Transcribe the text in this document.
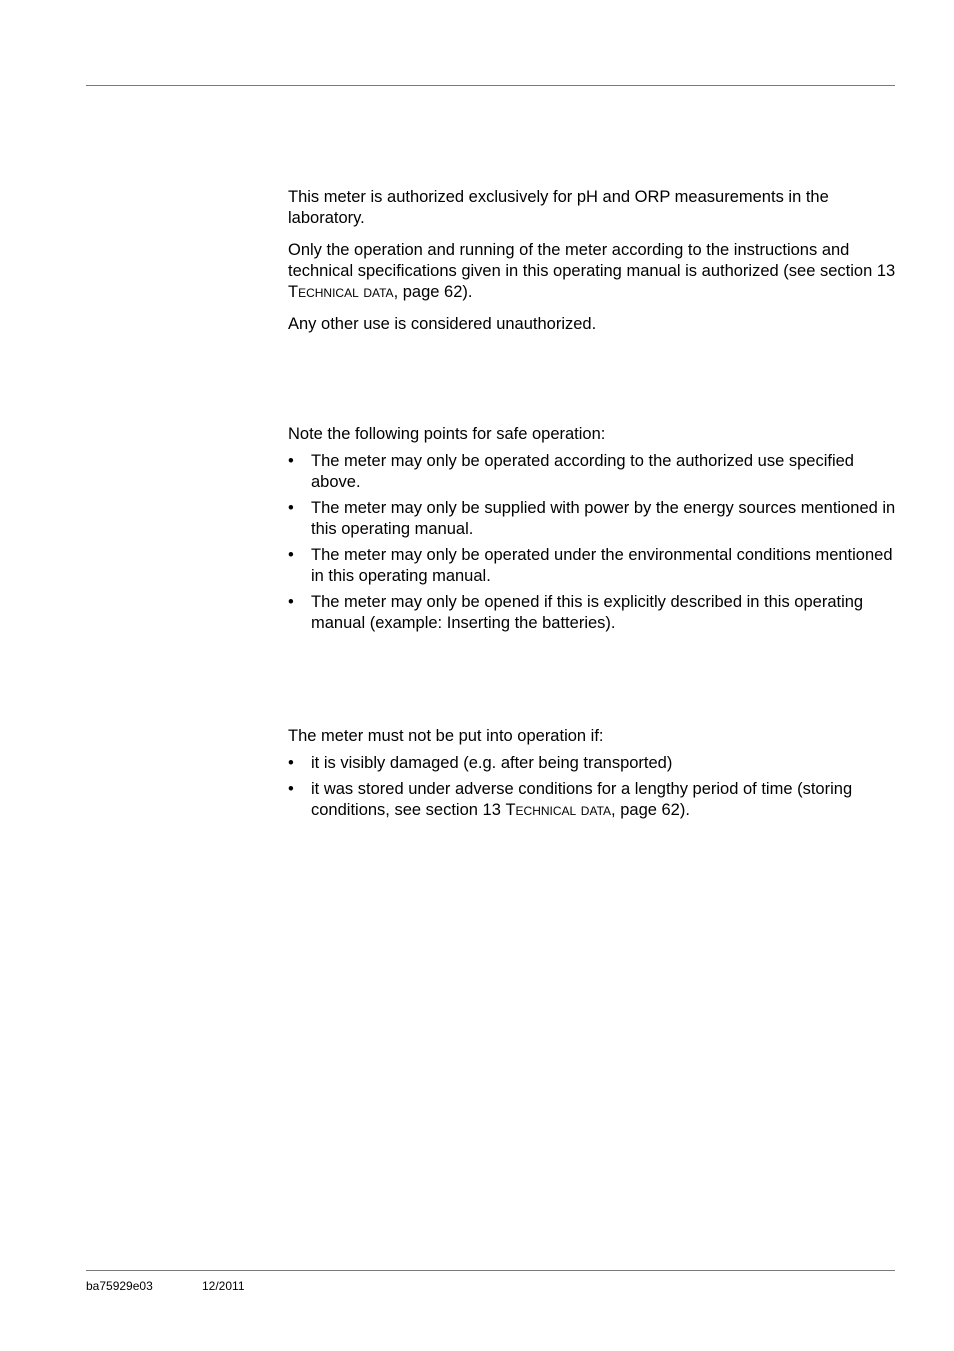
This meter is authorized exclusively for pH and ORP measurements in the laboratory.

Only the operation and running of the meter according to the instructions and technical specifications given in this operating manual is authorized (see section 13 Technical data, page 62).

Any other use is considered unauthorized.

Note the following points for safe operation:

• The meter may only be operated according to the authorized use specified above.
• The meter may only be supplied with power by the energy sources mentioned in this operating manual.
• The meter may only be operated under the environmental conditions mentioned in this operating manual.
• The meter may only be opened if this is explicitly described in this operating manual (example: Inserting the batteries).

The meter must not be put into operation if:

• it is visibly damaged (e.g. after being transported)
• it was stored under adverse conditions for a lengthy period of time (storing conditions, see section 13 Technical data, page 62).
ba75929e03	12/2011
